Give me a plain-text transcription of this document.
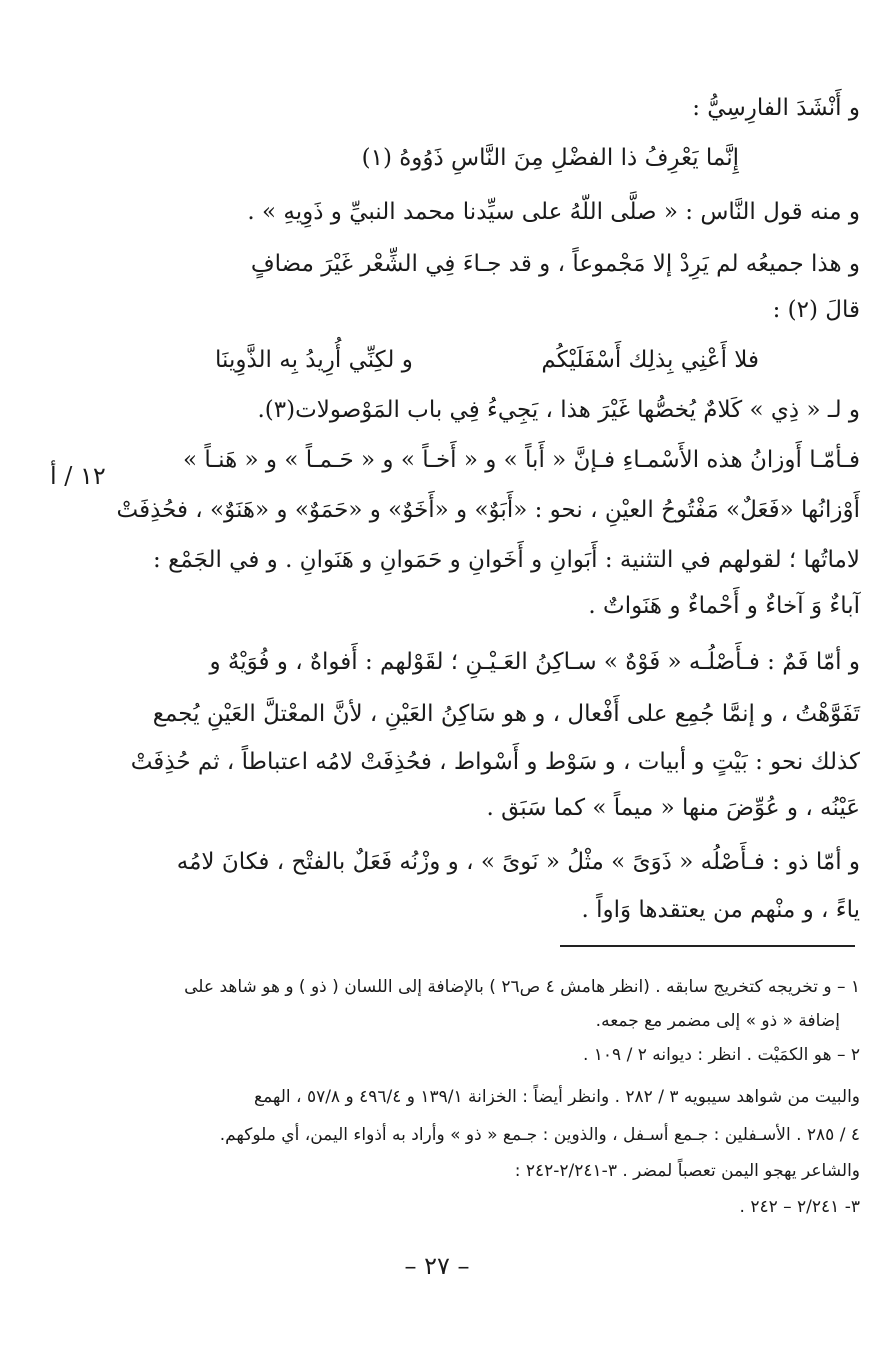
و أَنْشَدَ الفارِسِيُّ :
إِنَّما يَعْرِفُ ذا الفضْلِ مِنَ النَّاسِ ذَوُوهُ (١)
و منه قول النَّاس : « صلَّى اللّهُ على سيِّدنا محمد النبيِّ و ذَوِيهِ » .
و هذا جميعُه لم يَرِدْ إلا مَجْموعاً ، و قد جـاءَ فِي الشِّعْر غَيْرَ مضافٍ
قالَ (٢) :
فلا أَعْنِي بِذلِك أَسْفَلَيْكُم
و لكِنِّي أُرِيدُ بِه الذَّوِينَا
و لـ « ذِي » كَلامٌ يُخصُّها غَيْرَ هذا ، يَجِيءُ فِي باب المَوْصولات(٣).
فـأمّـا أَوزانُ هذه الأَسْمـاءِ فـإنَّ « أَباً » و « أَخـاً » و « حَـمـاً » و « هَنـاً »
أَوْزانُها «فَعَلٌ» مَفْتُوحُ العيْنِ ، نحو : «أَبَوٌ» و «أَخَوٌ» و «حَمَوٌ» و «هَنَوٌ» ، فحُذِفَتْ
لاماتُها ؛ لقولهم في التثنية : أَبَوانِ و أَخَوانِ و حَمَوانِ و هَنَوانِ . و في الجَمْع :
آباءٌ وَ آخاءٌ و أَحْماءٌ و هَنَواتٌ .
و أمّا فَمٌ : فـأَصْلُـه « فَوْهٌ » سـاكِنُ العَـيْـنِ ؛ لقَوْلهم : أَفواهٌ ، و فُوَيْهٌ و
تَفَوَّهْتُ ، و إنمَّا جُمِع على أَفْعال ، و هو سَاكِنُ العَيْنِ ، لأنَّ المعْتلَّ العَيْنِ يُجمع
كذلك نحو : بَيْتٍ و أبيات ، و سَوْط و أَسْواط ، فحُذِفَتْ لامُه اعتباطاً ، ثم حُذِفَتْ
عَيْنُه ، و عُوِّضَ منها « ميماً » كما سَبَق .
و أمّا ذو : فـأَصْلُه « ذَوَىً » مثْلُ « نَوىً » ، و وزْنُه فَعَلٌ بالفتْح ، فكانَ لامُه
ياءً ، و منْهم من يعتقدها وَاواً .
١٢ / أ
١ – و تخريجه كتخريج سابقه . (انظر هامش ٤ ص٢٦ ) بالإضافة إلى اللسان ( ذو ) و هو شاهد على
إضافة « ذو » إلى مضمر مع جمعه.
٢ – هو الكمَيْت . انظر : ديوانه ٢ / ١٠٩ .
والبيت من شواهد سيبويه ٣ / ٢٨٢ . وانظر أيضاً : الخزانة ١٣٩/١ و ٤٩٦/٤ و ٥٧/٨ ، الهمع
٤ / ٢٨٥ . الأسـفلين : جـمع أسـفل ، والذوين : جـمع « ذو » وأراد به أذواء اليمن، أي ملوكهم.
والشاعر يهجو اليمن تعصباً لمضر . ٣-٢/٢٤١-٢٤٢ :
٣- ٢/٢٤١ – ٢٤٢ .
– ٢٧ –
